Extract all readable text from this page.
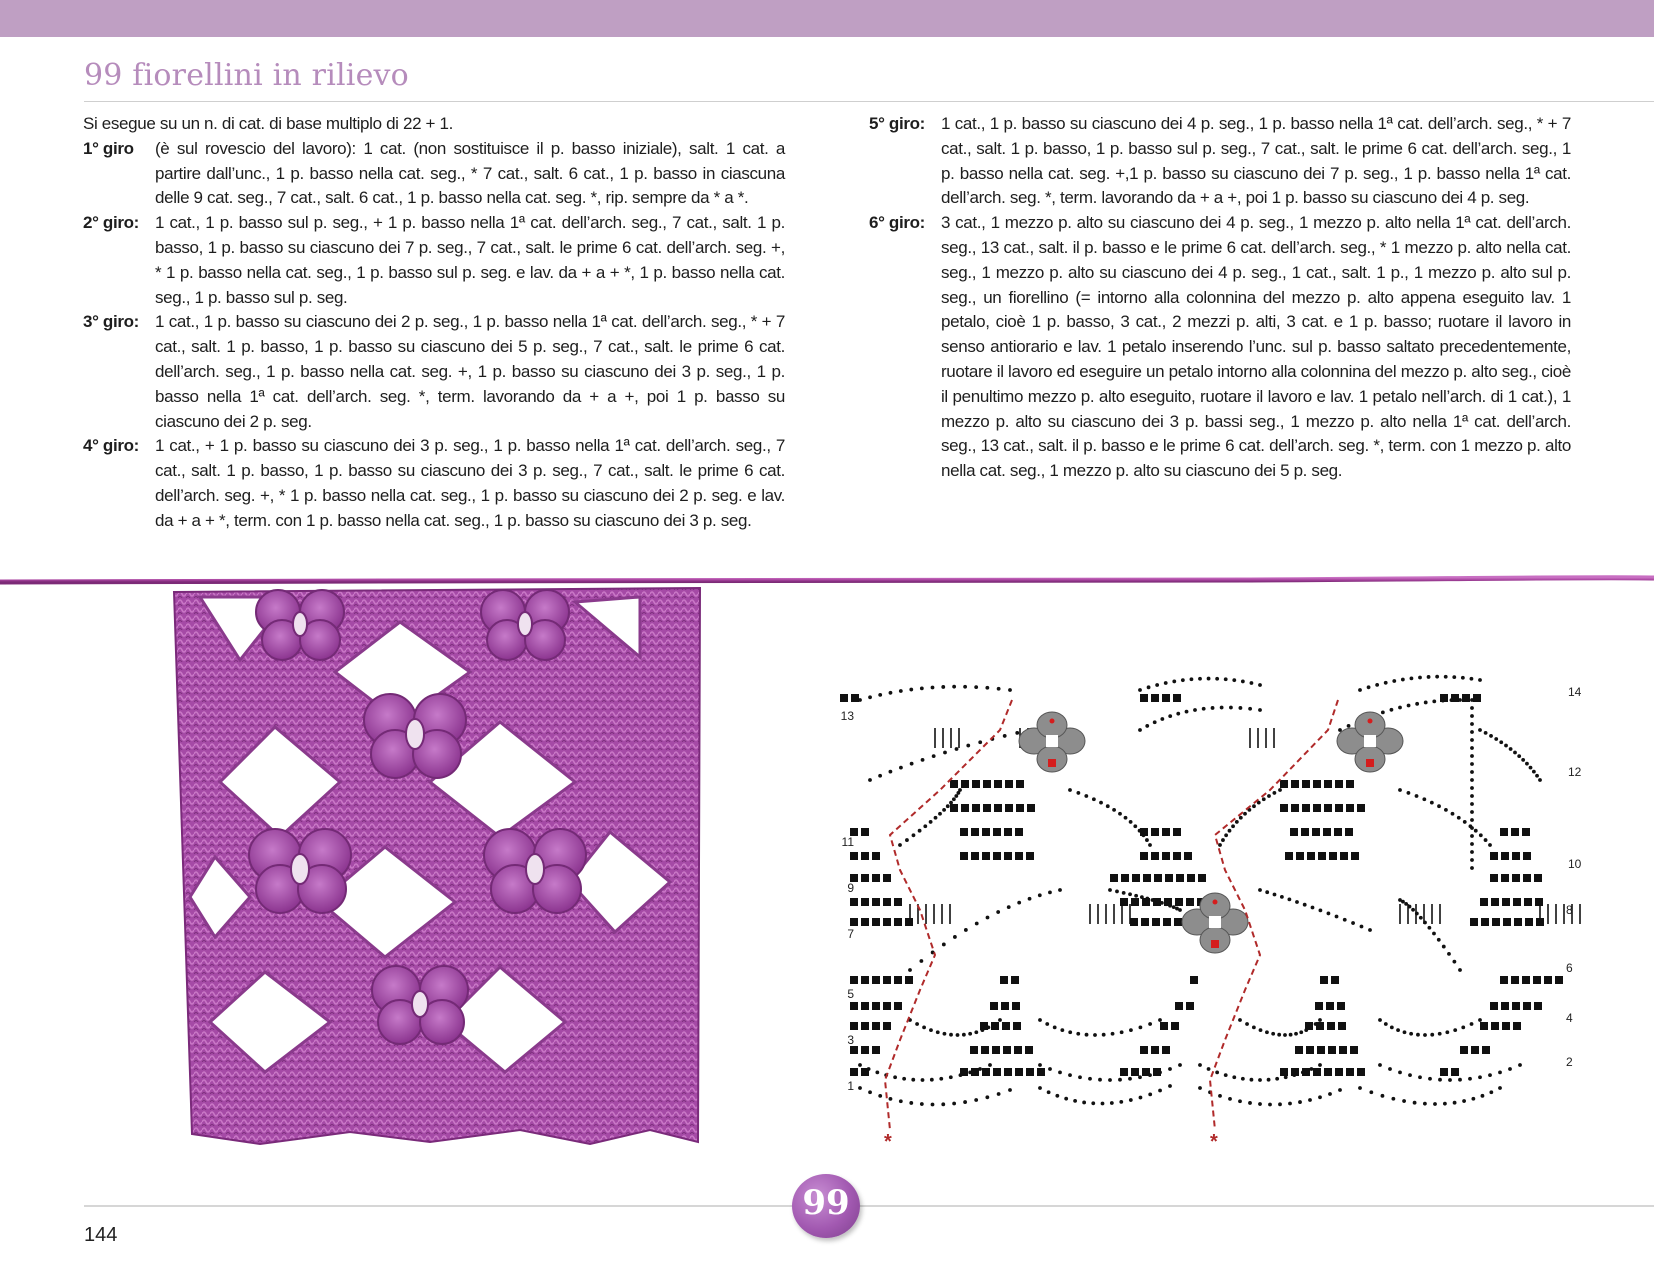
99 fiorellini in rilievo
Si esegue su un n. di cat. di base multiplo di 22 + 1.
1° giro	(è sul rovescio del lavoro): 1 cat. (non sostituisce il p. basso iniziale), salt. 1 cat. a partire dall’unc., 1 p. basso nella cat. seg., * 7 cat., salt. 6 cat., 1 p. basso in ciascuna delle 9 cat. seg., 7 cat., salt. 6 cat., 1 p. basso nella cat. seg. *, rip. sempre da * a *.
2° giro: 1 cat., 1 p. basso sul p. seg., + 1 p. basso nella 1ª cat. dell’arch. seg., 7 cat., salt. 1 p. basso, 1 p. basso su ciascuno dei 7 p. seg., 7 cat., salt. le prime 6 cat. dell’arch. seg. +, * 1 p. basso nella cat. seg., 1 p. basso sul p. seg. e lav. da + a + *, 1 p. basso nella cat. seg., 1 p. basso sul p. seg.
3° giro: 1 cat., 1 p. basso su ciascuno dei 2 p. seg., 1 p. basso nella 1ª cat. dell’arch. seg., * + 7 cat., salt. 1 p. basso, 1 p. basso su ciascuno dei 5 p. seg., 7 cat., salt. le prime 6 cat. dell’arch. seg., 1 p. basso nella cat. seg. +, 1 p. basso su ciascuno dei 3 p. seg., 1 p. basso nella 1ª cat. dell’arch. seg. *, term. lavorando da + a +, poi 1 p. basso su ciascuno dei 2 p. seg.
4° giro: 1 cat., + 1 p. basso su ciascuno dei 3 p. seg., 1 p. basso nella 1ª cat. dell’arch. seg., 7 cat., salt. 1 p. basso, 1 p. basso su ciascuno dei 3 p. seg., 7 cat., salt. le prime 6 cat. dell’arch. seg. +, * 1 p. basso nella cat. seg., 1 p. basso su ciascuno dei 2 p. seg. e lav. da + a + *, term. con 1 p. basso nella cat. seg., 1 p. basso su ciascuno dei 3 p. seg.
5° giro: 1 cat., 1 p. basso su ciascuno dei 4 p. seg., 1 p. basso nella 1ª cat. dell’arch. seg., * + 7 cat., salt. 1 p. basso, 1 p. basso sul p. seg., 7 cat., salt. le prime 6 cat. dell’arch. seg., 1 p. basso nella cat. seg. +,1 p. basso su ciascuno dei 7 p. seg., 1 p. basso nella 1ª cat. dell’arch. seg. *, term. lavorando da + a +, poi 1 p. basso su ciascuno dei 4 p. seg.
6° giro: 3 cat., 1 mezzo p. alto su ciascuno dei 4 p. seg., 1 mezzo p. alto nella 1ª cat. dell’arch. seg., 13 cat., salt. il p. basso e le prime 6 cat. dell’arch. seg., * 1 mezzo p. alto nella cat. seg., 1 mezzo p. alto su ciascuno dei 4 p. seg., 1 cat., salt. 1 p., 1 mezzo p. alto sul p. seg., un fiorellino (= intorno alla colonnina del mezzo p. alto appena eseguito lav. 1 petalo, cioè 1 p. basso, 3 cat., 2 mezzi p. alti, 3 cat. e 1 p. basso; ruotare il lavoro in senso antiorario e lav. 1 petalo inserendo l’unc. sul p. basso saltato precedentemente, ruotare il lavoro ed eseguire un petalo intorno alla colonnina del mezzo p. alto seg., cioè il penultimo mezzo p. alto eseguito, ruotare il lavoro e lav. 1 petalo nell’arch. di 1 cat.), 1 mezzo p. alto su ciascuno dei 3 p. bassi seg., 1 mezzo p. alto nella 1ª cat. dell’arch. seg., 13 cat., salt. il p. basso e le prime 6 cat. dell’arch. seg. *, term. con 1 mezzo p. alto nella cat. seg., 1 mezzo p. alto su ciascuno dei 5 p. seg.
*	*
13
11
9
7
5
3
1
14
12
10
8
6
4
2
99
144
